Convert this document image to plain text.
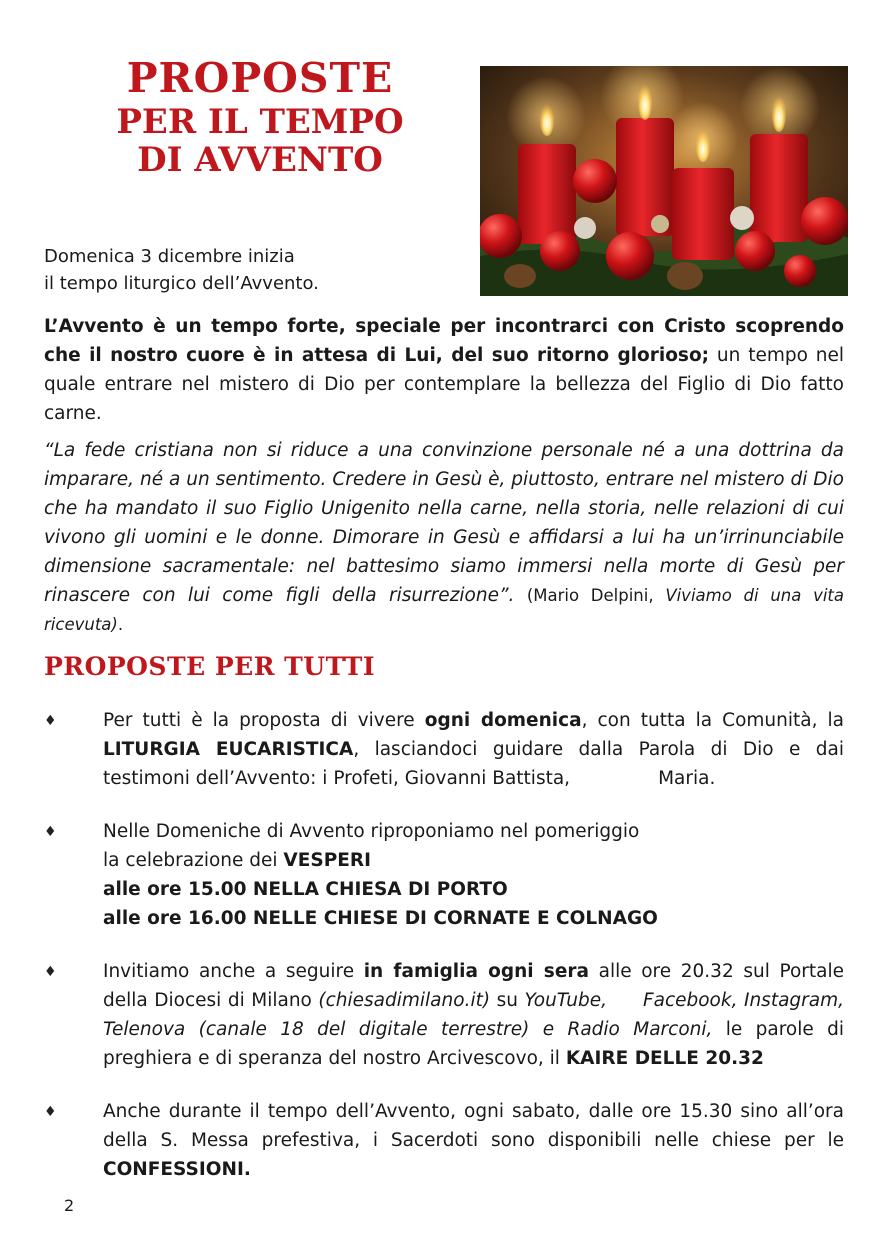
PROPOSTE
PER IL TEMPO
DI AVVENTO
Domenica 3 dicembre inizia
il tempo liturgico dell’Avvento.
L’Avvento è un tempo forte, speciale per incontrarci con Cristo scoprendo che il nostro cuore è in attesa di Lui, del suo ritorno glorioso; un tempo nel quale entrare nel mistero di Dio per contemplare la bellezza del Figlio di Dio fatto carne.
“La fede cristiana non si riduce a una convinzione personale né a una dottrina da imparare, né a un sentimento. Credere in Gesù è, piuttosto, entrare nel mistero di Dio che ha mandato il suo Figlio Unigenito nella carne, nella storia, nelle relazioni di cui vivono gli uomini e le donne. Dimorare in Gesù e affidarsi a lui ha un’irrinunciabile dimensione sacramentale: nel battesimo siamo immersi nella morte di Gesù per rinascere con lui come figli della risurrezione”. (Mario Delpini, Viviamo di una vita ricevuta).
PROPOSTE PER TUTTI
♦	Per tutti è la proposta di vivere ogni domenica, con tutta la Comunità, la LITURGIA EUCARISTICA, lasciandoci guidare dalla Parola di Dio e dai testimoni dell’Avvento: i Profeti, Giovanni Battista,	Maria.
♦	Nelle Domeniche di Avvento riproponiamo nel pomeriggio
la celebrazione dei VESPERI
alle ore 15.00 NELLA CHIESA DI PORTO
alle ore 16.00 NELLE CHIESE DI CORNATE E COLNAGO
♦	Invitiamo anche a seguire in famiglia ogni sera alle ore 20.32 sul Portale della Diocesi di Milano (chiesadimilano.it) su YouTube, Facebook, Instagram, Telenova (canale 18 del digitale terrestre) e Radio Marconi, le parole di preghiera e di speranza del nostro Arcivescovo, il KAIRE DELLE 20.32
♦	Anche durante il tempo dell’Avvento, ogni sabato, dalle ore 15.30 sino all’ora della S. Messa prefestiva, i Sacerdoti sono disponibili nelle chiese per le CONFESSIONI.
2
